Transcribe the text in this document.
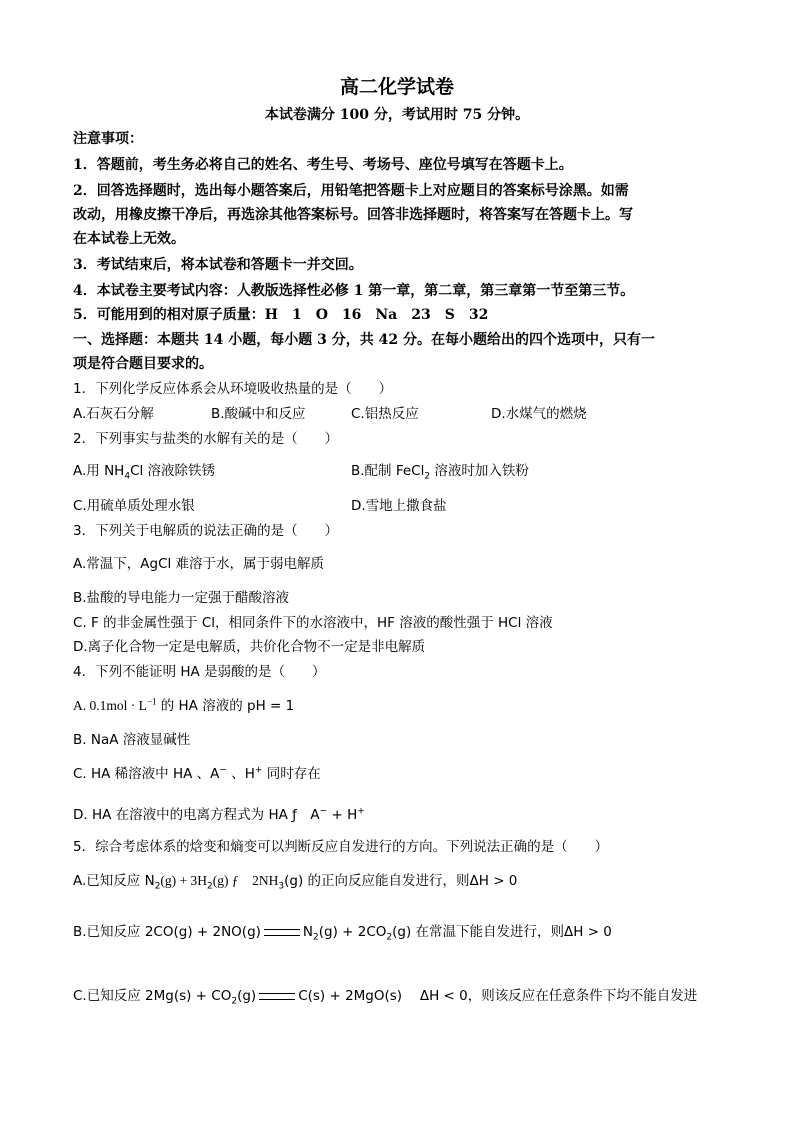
高二化学试卷
本试卷满分 100 分，考试用时 75 分钟。
注意事项：
1．答题前，考生务必将自己的姓名、考生号、考场号、座位号填写在答题卡上。
2．回答选择题时，选出每小题答案后，用铅笔把答题卡上对应题目的答案标号涂黑。如需
改动，用橡皮擦干净后，再选涂其他答案标号。回答非选择题时，将答案写在答题卡上。写
在本试卷上无效。
3．考试结束后，将本试卷和答题卡一并交回。
4．本试卷主要考试内容：人教版选择性必修 1 第一章，第二章，第三章第一节至第三节。
5．可能用到的相对原子质量：H　1　O　16　Na　23　S　32
一、选择题：本题共 14 小题，每小题 3 分，共 42 分。在每小题给出的四个选项中，只有一
项是符合题目要求的。
1．下列化学反应体系会从环境吸收热量的是（　　）
A.石灰石分解	B.酸碱中和反应	C.铝热反应	D.水煤气的燃烧
2．下列事实与盐类的水解有关的是（　　）
A.用 $NH_4Cl$ 溶液除铁锈	B.配制 FeCl$_2$ 溶液时加入铁粉
C.用硫单质处理水银	D.雪地上撒食盐
3．下列关于电解质的说法正确的是（　　）
A.常温下，AgCl 难溶于水，属于弱电解质
B.盐酸的导电能力一定强于醋酸溶液
C. F 的非金属性强于 Cl，相同条件下的水溶液中，HF 溶液的酸性强于 HCl 溶液
D.离子化合物一定是电解质，共价化合物不一定是非电解质
4．下列不能证明 HA 是弱酸的是（　　）
A. $0.1mol \cdot L^{-1}$ 的 HA 溶液的 pH = 1
B. NaA 溶液显碱性
C. HA 稀溶液中 HA 、A− 、H+ 同时存在
D. HA 在溶液中的电离方程式为 HA ƒ　A− + H+
5．综合考虑体系的焓变和熵变可以判断反应自发进行的方向。下列说法正确的是（　　）
A.已知反应 $N_2(g) + 3H_2(g)$ ƒ　$2NH_3(g)$ 的正向反应能自发进行，则ΔH > 0
B.已知反应 2CO(g) + 2NO(g)	$N_2(g) + 2CO_2(g)$ 在常温下能自发进行，则ΔH > 0
C.已知反应 $2Mg(s) + CO_2(g)$	C(s) + 2MgO(s)　 ΔH < 0，则该反应在任意条件下均不能自发进
